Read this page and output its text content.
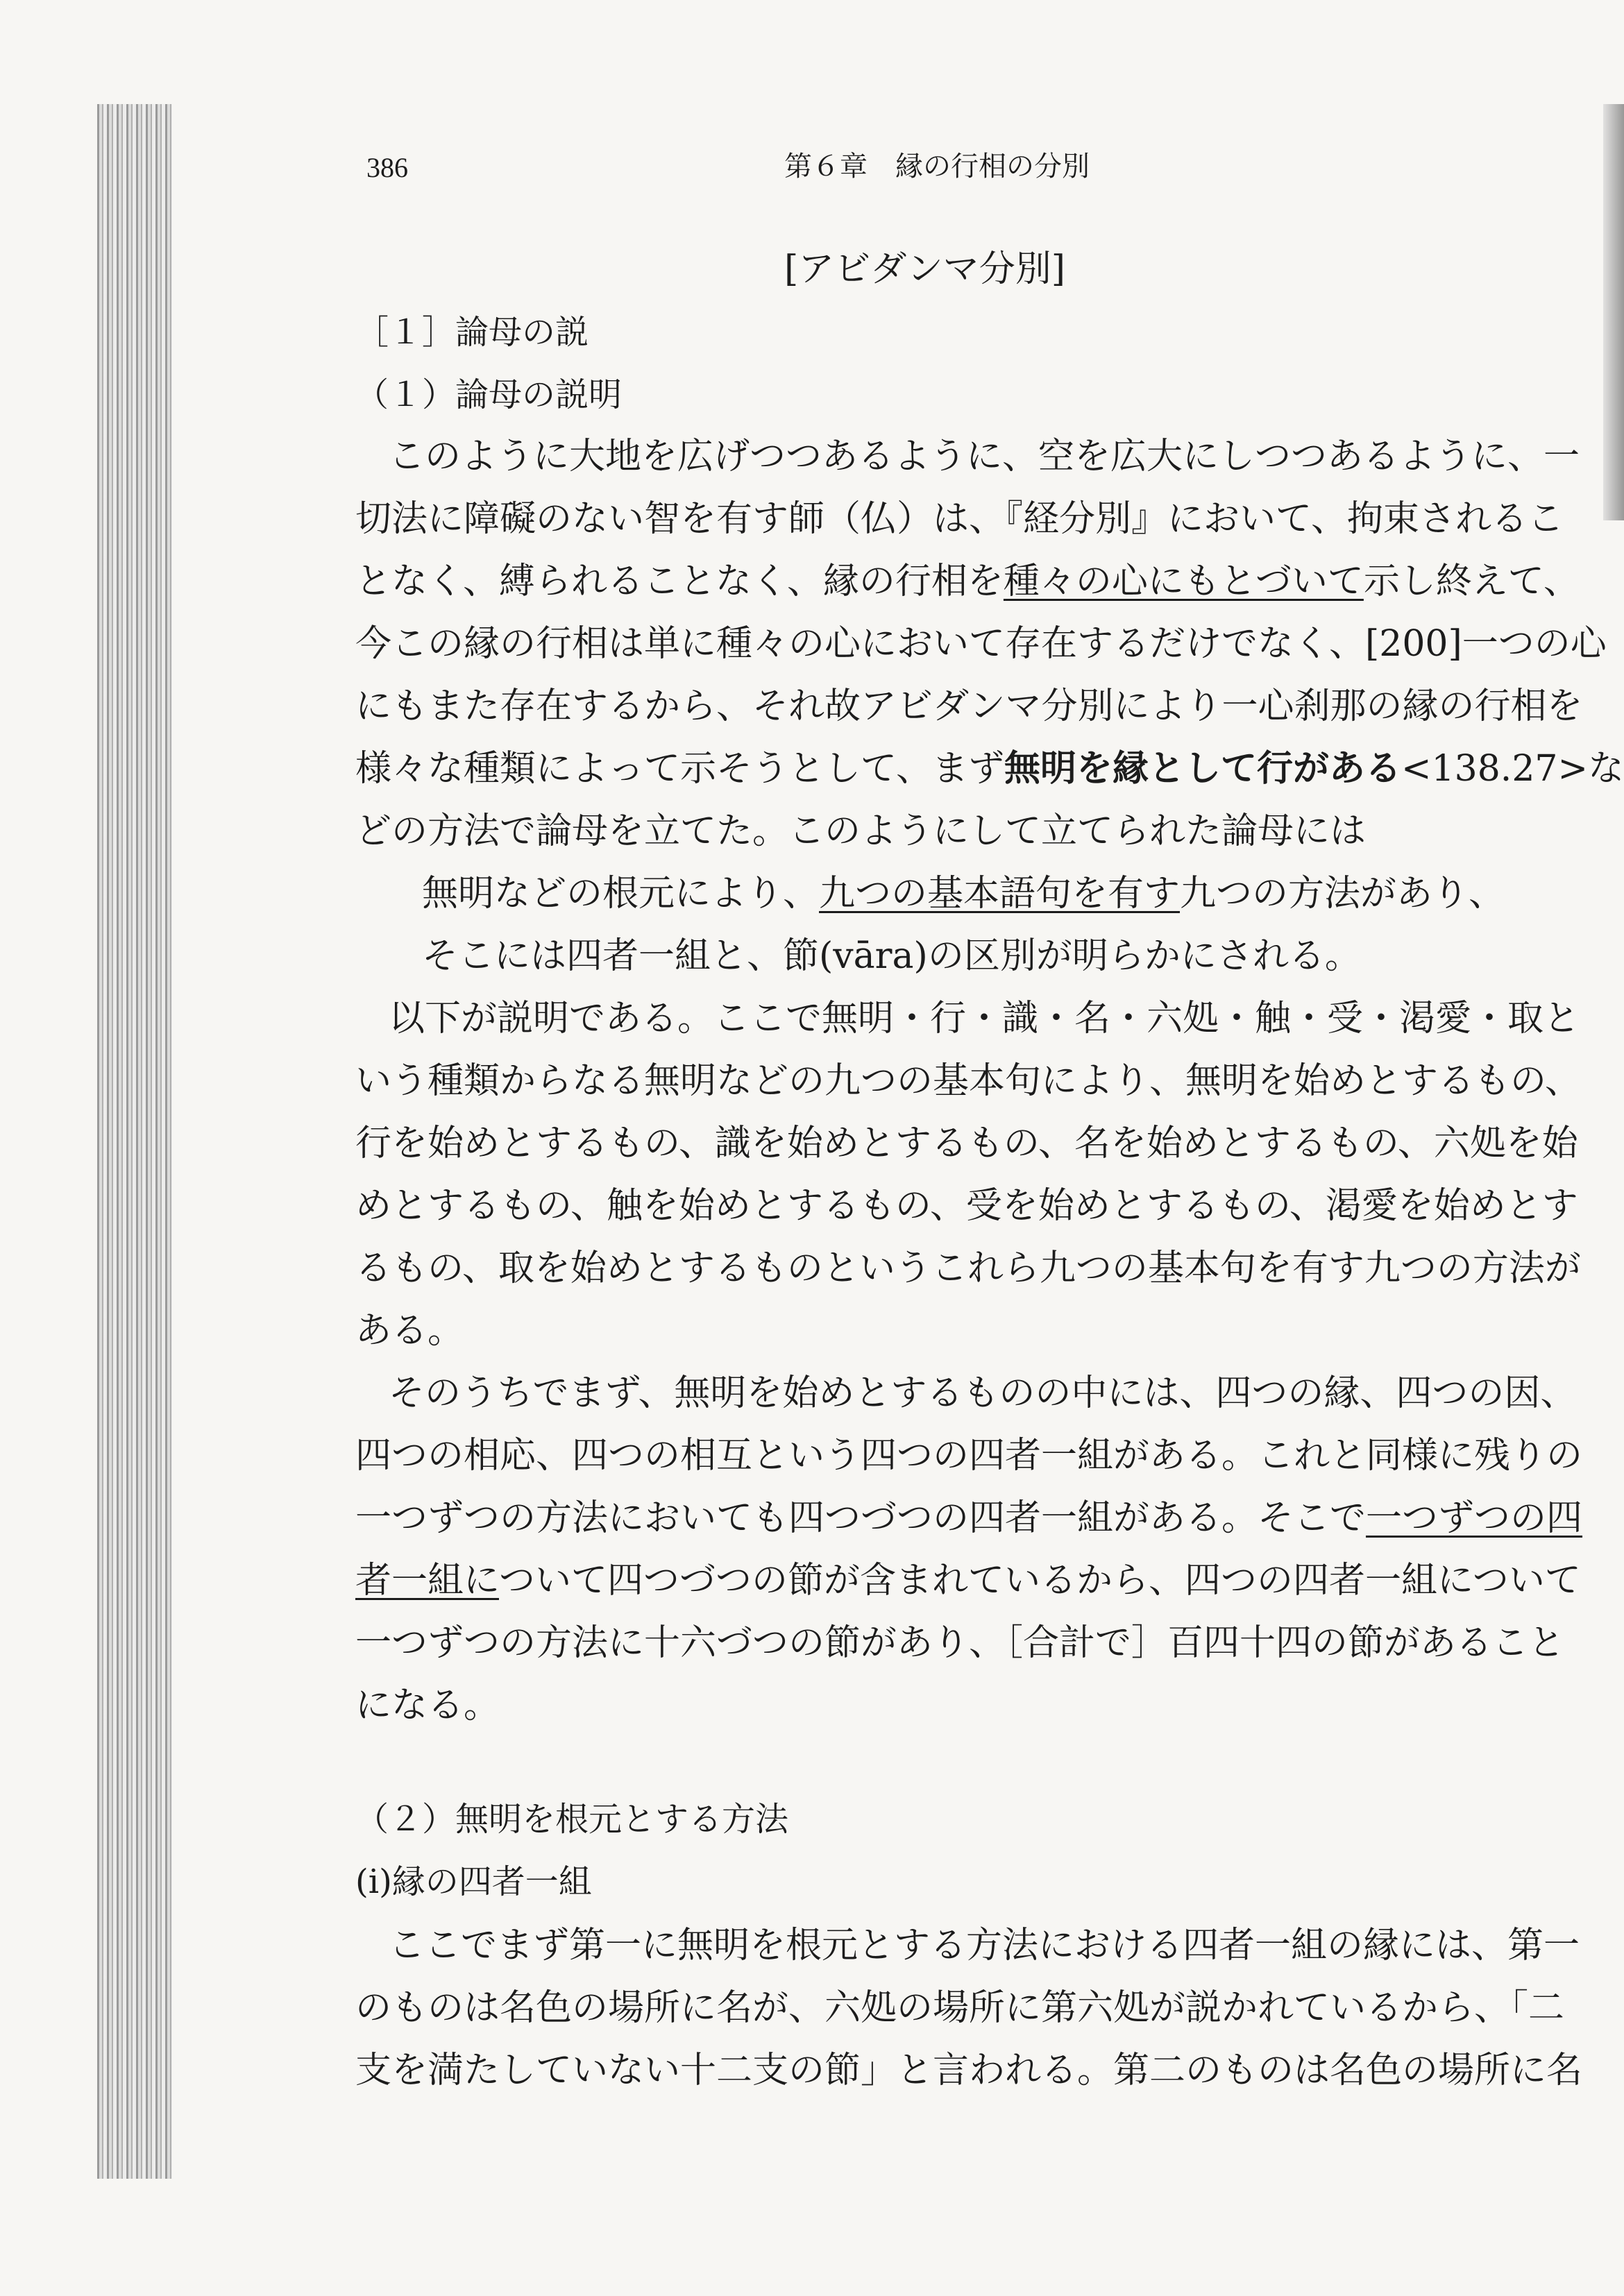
386	第６章　縁の行相の分別
[アビダンマ分別]
［１］論母の説
（１）論母の説明
このように大地を広げつつあるように、空を広大にしつつあるように、一
切法に障礙のない智を有す師（仏）は、『経分別』において、拘束されるこ
となく、縛られることなく、縁の行相を種々の心にもとづいて示し終えて、
今この縁の行相は単に種々の心において存在するだけでなく、[200]一つの心
にもまた存在するから、それ故アビダンマ分別により一心刹那の縁の行相を
様々な種類によって示そうとして、まず無明を縁として行がある<138.27>な
どの方法で論母を立てた。このようにして立てられた論母には
無明などの根元により、九つの基本語句を有す九つの方法があり、
そこには四者一組と、節(vāra)の区別が明らかにされる。
以下が説明である。ここで無明・行・識・名・六処・触・受・渇愛・取と
いう種類からなる無明などの九つの基本句により、無明を始めとするもの、
行を始めとするもの、識を始めとするもの、名を始めとするもの、六処を始
めとするもの、触を始めとするもの、受を始めとするもの、渇愛を始めとす
るもの、取を始めとするものというこれら九つの基本句を有す九つの方法が
ある。
そのうちでまず、無明を始めとするものの中には、四つの縁、四つの因、
四つの相応、四つの相互という四つの四者一組がある。これと同様に残りの
一つずつの方法においても四つづつの四者一組がある。そこで一つずつの四
者一組について四つづつの節が含まれているから、四つの四者一組について
一つずつの方法に十六づつの節があり、［合計で］百四十四の節があること
になる。
（２）無明を根元とする方法
(i)縁の四者一組
ここでまず第一に無明を根元とする方法における四者一組の縁には、第一
のものは名色の場所に名が、六処の場所に第六処が説かれているから、「二
支を満たしていない十二支の節」と言われる。第二のものは名色の場所に名
